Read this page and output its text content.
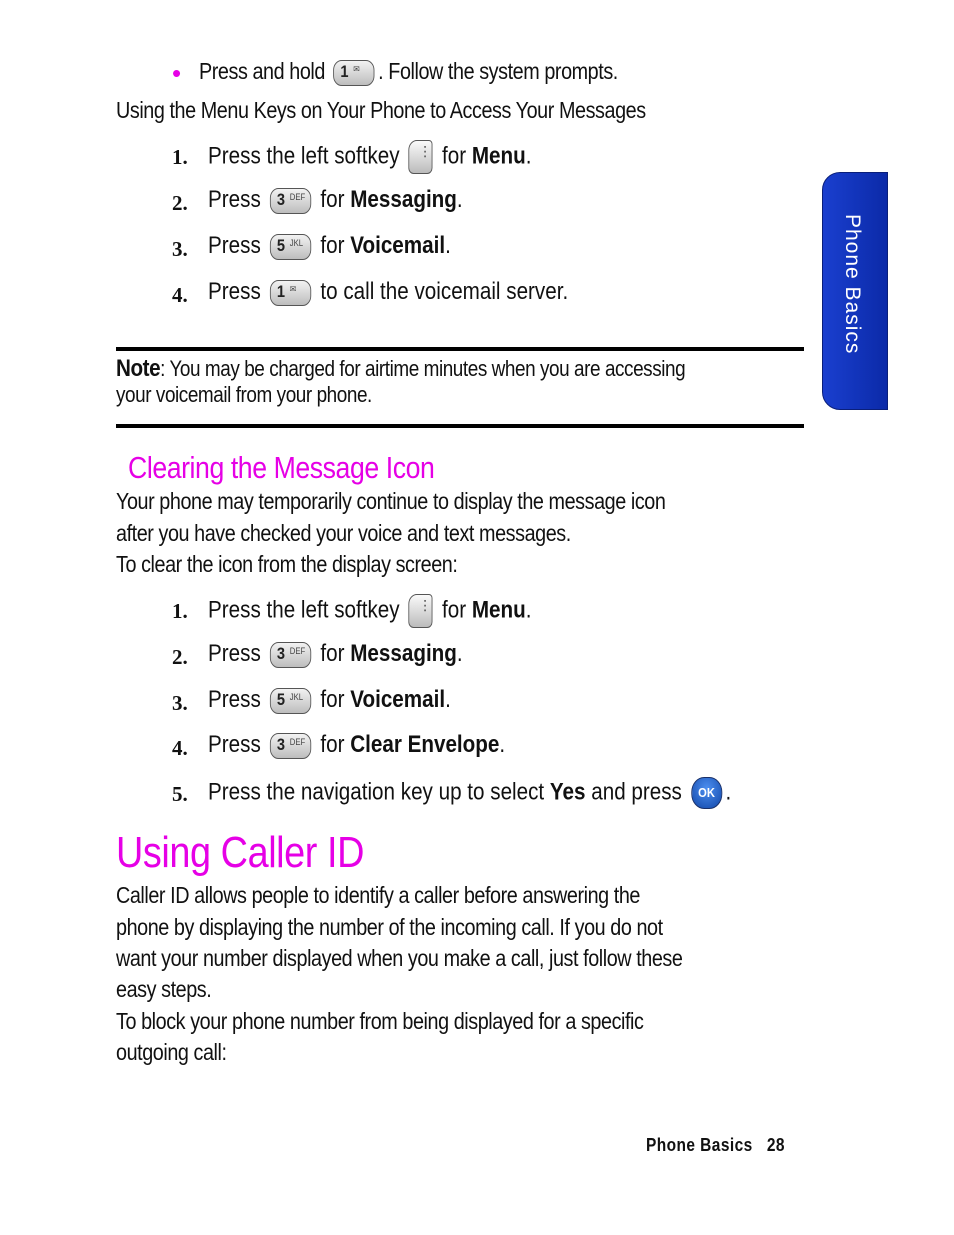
Phone Basics
• Press and hold 1 ✉ . Follow the system prompts.
Using the Menu Keys on Your Phone to Access Your Messages
1. Press the left softkey ⋮ for Menu.
2. Press 3 DEF for Messaging.
3. Press 5 JKL for Voicemail.
4. Press 1 ✉ to call the voicemail server.
Note: You may be charged for airtime minutes when you are accessing
your voicemail from your phone.
Clearing the Message Icon
Your phone may temporarily continue to display the message icon
after you have checked your voice and text messages.
To clear the icon from the display screen:
1. Press the left softkey ⋮ for Menu.
2. Press 3 DEF for Messaging.
3. Press 5 JKL for Voicemail.
4. Press 3 DEF for Clear Envelope.
5. Press the navigation key up to select Yes and press OK .
Using Caller ID
Caller ID allows people to identify a caller before answering the
phone by displaying the number of the incoming call. If you do not
want your number displayed when you make a call, just follow these
easy steps.
To block your phone number from being displayed for a specific
outgoing call:
Phone Basics 28
